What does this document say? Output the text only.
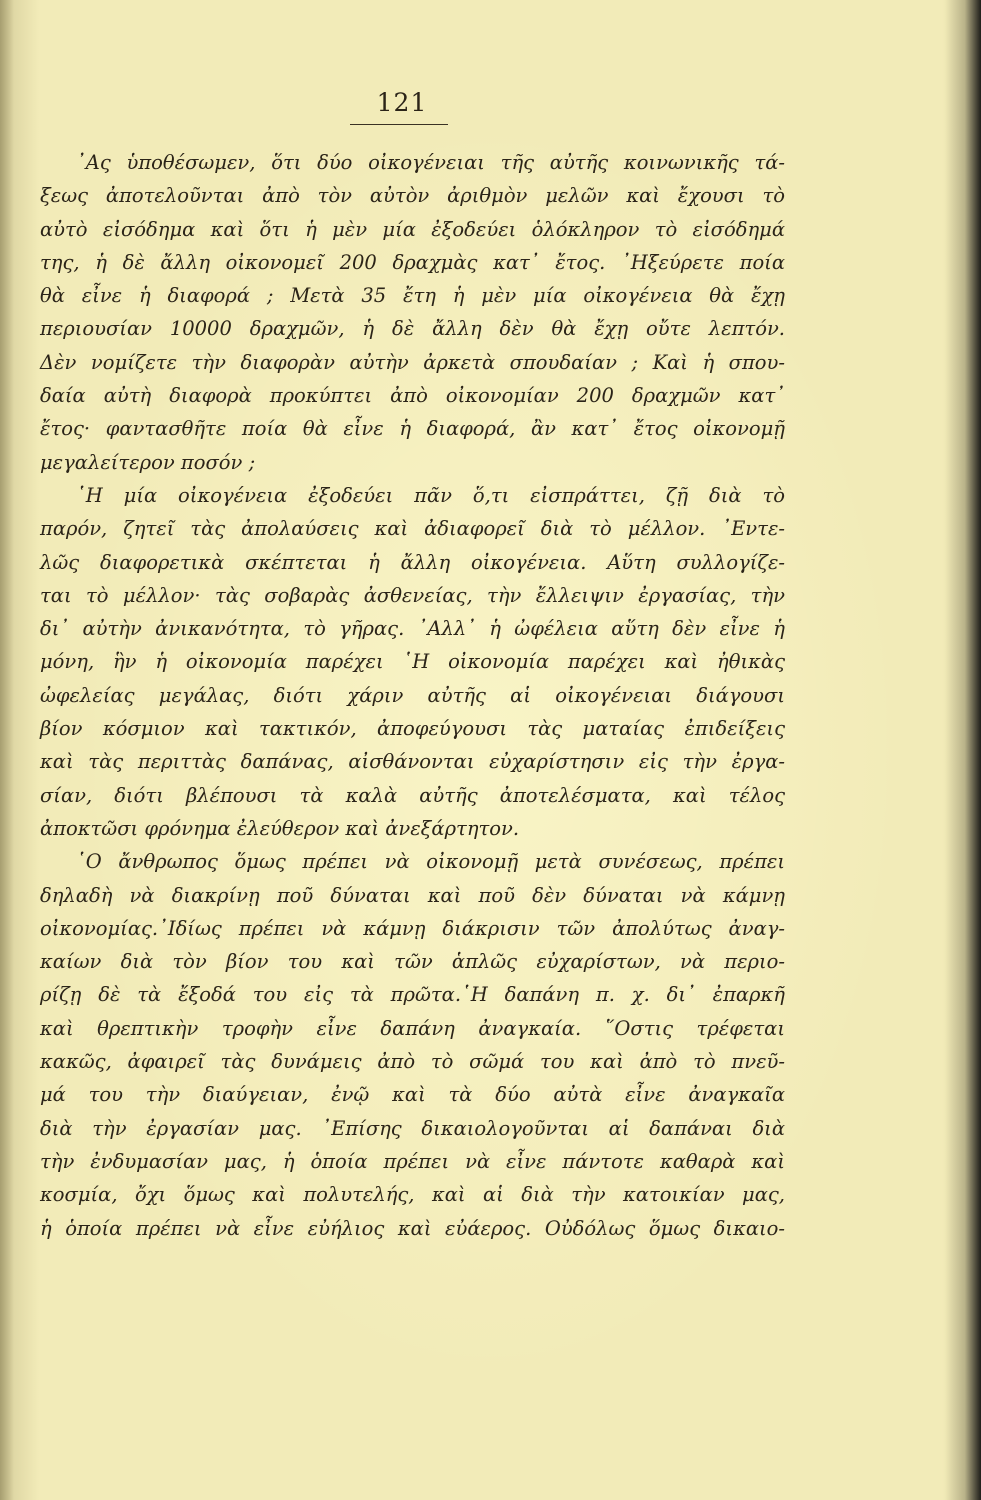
121
᾿Ας ὑποθέσωμεν, ὅτι δύο οἰκογένειαι τῆς αὐτῆς κοινωνικῆς τά-
ξεως ἀποτελοῦνται ἀπὸ τὸν αὐτὸν ἀριθμὸν μελῶν καὶ ἔχουσι τὸ
αὐτὸ εἰσόδημα καὶ ὅτι ἡ μὲν μία ἐξοδεύει ὁλόκληρον τὸ εἰσόδημά
της, ἡ δὲ ἄλλη οἰκονομεῖ 200 δραχμὰς κατ᾿ ἔτος. ᾿Ηξεύρετε ποία
θὰ εἶνε ἡ διαφορά ; Μετὰ 35 ἔτη ἡ μὲν μία οἰκογένεια θὰ ἔχῃ
περιουσίαν 10000 δραχμῶν, ἡ δὲ ἄλλη δὲν θὰ ἔχῃ οὔτε λεπτόν.
Δὲν νομίζετε τὴν διαφορὰν αὐτὴν ἀρκετὰ σπουδαίαν ; Καὶ ἡ σπου-
δαία αὐτὴ διαφορὰ προκύπτει ἀπὸ οἰκονομίαν 200 δραχμῶν κατ᾿
ἔτος· φαντασθῆτε ποία θὰ εἶνε ἡ διαφορά, ἂν κατ᾿ ἔτος οἰκονομῇ
μεγαλείτερον ποσόν ;
῾Η μία οἰκογένεια ἐξοδεύει πᾶν ὅ,τι εἰσπράττει, ζῇ διὰ τὸ
παρόν, ζητεῖ τὰς ἀπολαύσεις καὶ ἀδιαφορεῖ διὰ τὸ μέλλον. ᾿Εντε-
λῶς διαφορετικὰ σκέπτεται ἡ ἄλλη οἰκογένεια. Αὕτη συλλογίζε-
ται τὸ μέλλον· τὰς σοβαρὰς ἀσθενείας, τὴν ἔλλειψιν ἐργασίας, τὴν
δι᾿ αὐτὴν ἀνικανότητα, τὸ γῆρας. ᾿Αλλ᾿ ἡ ὠφέλεια αὕτη δὲν εἶνε ἡ
μόνη, ἣν ἡ οἰκονομία παρέχει ῾Η οἰκονομία παρέχει καὶ ἠθικὰς
ὠφελείας μεγάλας, διότι χάριν αὐτῆς αἱ οἰκογένειαι διάγουσι
βίον κόσμιον καὶ τακτικόν, ἀποφεύγουσι τὰς ματαίας ἐπιδείξεις
καὶ τὰς περιττὰς δαπάνας, αἰσθάνονται εὐχαρίστησιν εἰς τὴν ἐργα-
σίαν, διότι βλέπουσι τὰ καλὰ αὐτῆς ἀποτελέσματα, καὶ τέλος
ἀποκτῶσι φρόνημα ἐλεύθερον καὶ ἀνεξάρτητον.
῾Ο ἄνθρωπος ὅμως πρέπει νὰ οἰκονομῇ μετὰ συνέσεως, πρέπει
δηλαδὴ νὰ διακρίνῃ ποῦ δύναται καὶ ποῦ δὲν δύναται νὰ κάμνῃ
οἰκονομίας.᾿Ιδίως πρέπει νὰ κάμνῃ διάκρισιν τῶν ἀπολύτως ἀναγ-
καίων διὰ τὸν βίον του καὶ τῶν ἁπλῶς εὐχαρίστων, νὰ περιο-
ρίζῃ δὲ τὰ ἔξοδά του εἰς τὰ πρῶτα.῾Η δαπάνη π. χ. δι᾿ ἐπαρκῆ
καὶ θρεπτικὴν τροφὴν εἶνε δαπάνη ἀναγκαία. ῞Οστις τρέφεται
κακῶς, ἀφαιρεῖ τὰς δυνάμεις ἀπὸ τὸ σῶμά του καὶ ἀπὸ τὸ πνεῦ-
μά του τὴν διαύγειαν, ἐνῷ καὶ τὰ δύο αὐτὰ εἶνε ἀναγκαῖα
διὰ τὴν ἐργασίαν μας. ᾿Επίσης δικαιολογοῦνται αἱ δαπάναι διὰ
τὴν ἐνδυμασίαν μας, ἡ ὁποία πρέπει νὰ εἶνε πάντοτε καθαρὰ καὶ
κοσμία, ὄχι ὅμως καὶ πολυτελής, καὶ αἱ διὰ τὴν κατοικίαν μας,
ἡ ὁποία πρέπει νὰ εἶνε εὐήλιος καὶ εὐάερος. Οὐδόλως ὅμως δικαιο-
